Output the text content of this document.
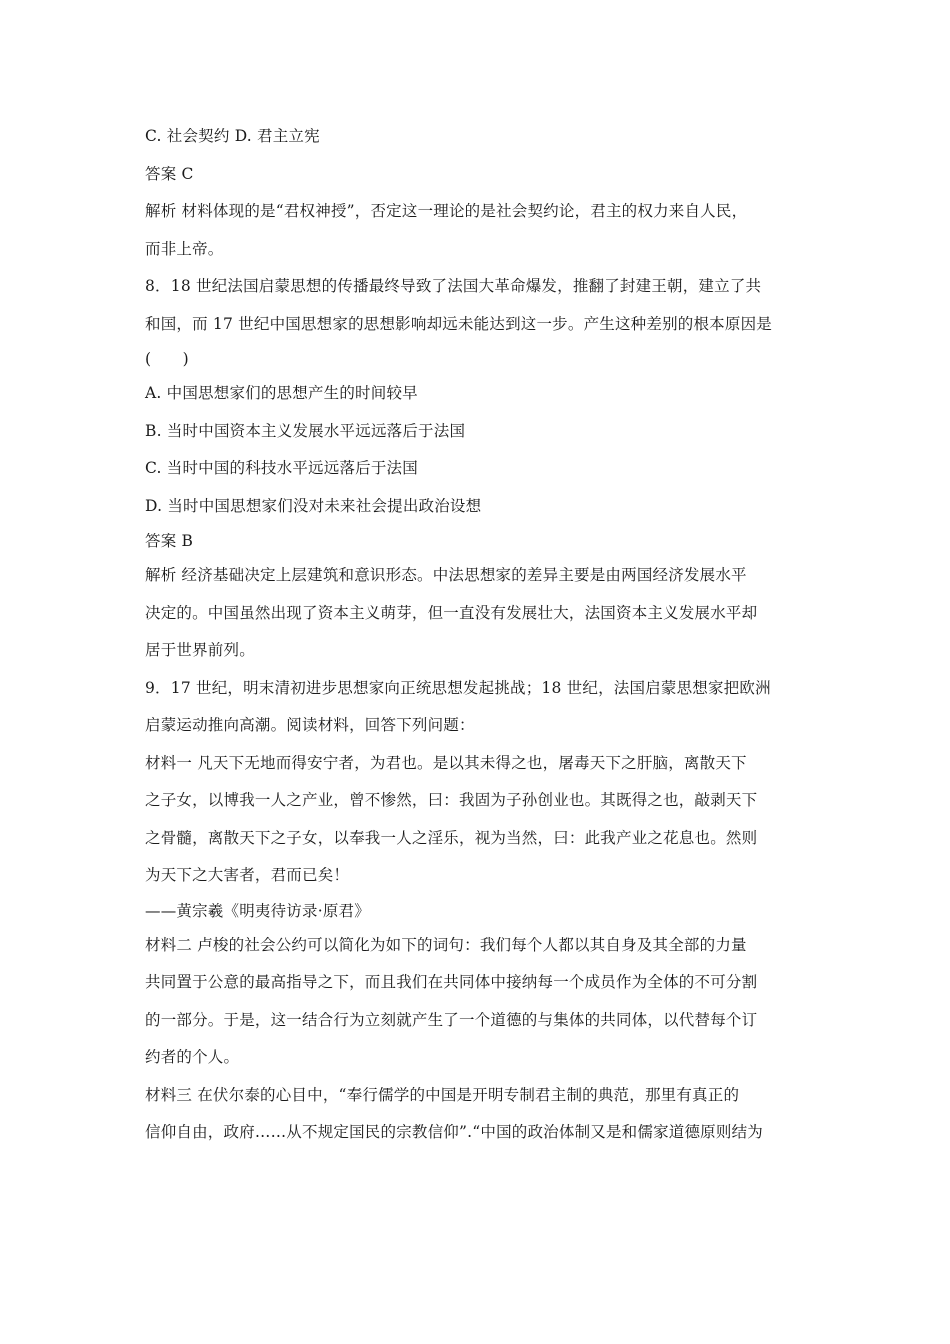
C. 社会契约 D. 君主立宪
答案 C
解析 材料体现的是“君权神授”，否定这一理论的是社会契约论，君主的权力来自人民，
而非上帝。
8．18 世纪法国启蒙思想的传播最终导致了法国大革命爆发，推翻了封建王朝，建立了共
和国，而 17 世纪中国思想家的思想影响却远未能达到这一步。产生这种差别的根本原因是
(　　)
A. 中国思想家们的思想产生的时间较早
B. 当时中国资本主义发展水平远远落后于法国
C. 当时中国的科技水平远远落后于法国
D. 当时中国思想家们没对未来社会提出政治设想
答案 B
解析 经济基础决定上层建筑和意识形态。中法思想家的差异主要是由两国经济发展水平
决定的。中国虽然出现了资本主义萌芽，但一直没有发展壮大，法国资本主义发展水平却
居于世界前列。
9．17 世纪，明末清初进步思想家向正统思想发起挑战；18 世纪，法国启蒙思想家把欧洲
启蒙运动推向高潮。阅读材料，回答下列问题：
材料一 凡天下无地而得安宁者，为君也。是以其未得之也，屠毒天下之肝脑，离散天下
之子女，以博我一人之产业，曾不惨然，曰：我固为子孙创业也。其既得之也，敲剥天下
之骨髓，离散天下之子女，以奉我一人之淫乐，视为当然，曰：此我产业之花息也。然则
为天下之大害者，君而已矣！
——黄宗羲《明夷待访录·原君》
材料二 卢梭的社会公约可以简化为如下的词句：我们每个人都以其自身及其全部的力量
共同置于公意的最高指导之下，而且我们在共同体中接纳每一个成员作为全体的不可分割
的一部分。于是，这一结合行为立刻就产生了一个道德的与集体的共同体，以代替每个订
约者的个人。
材料三 在伏尔泰的心目中，“奉行儒学的中国是开明专制君主制的典范，那里有真正的
信仰自由，政府……从不规定国民的宗教信仰”.“中国的政治体制又是和儒家道德原则结为
